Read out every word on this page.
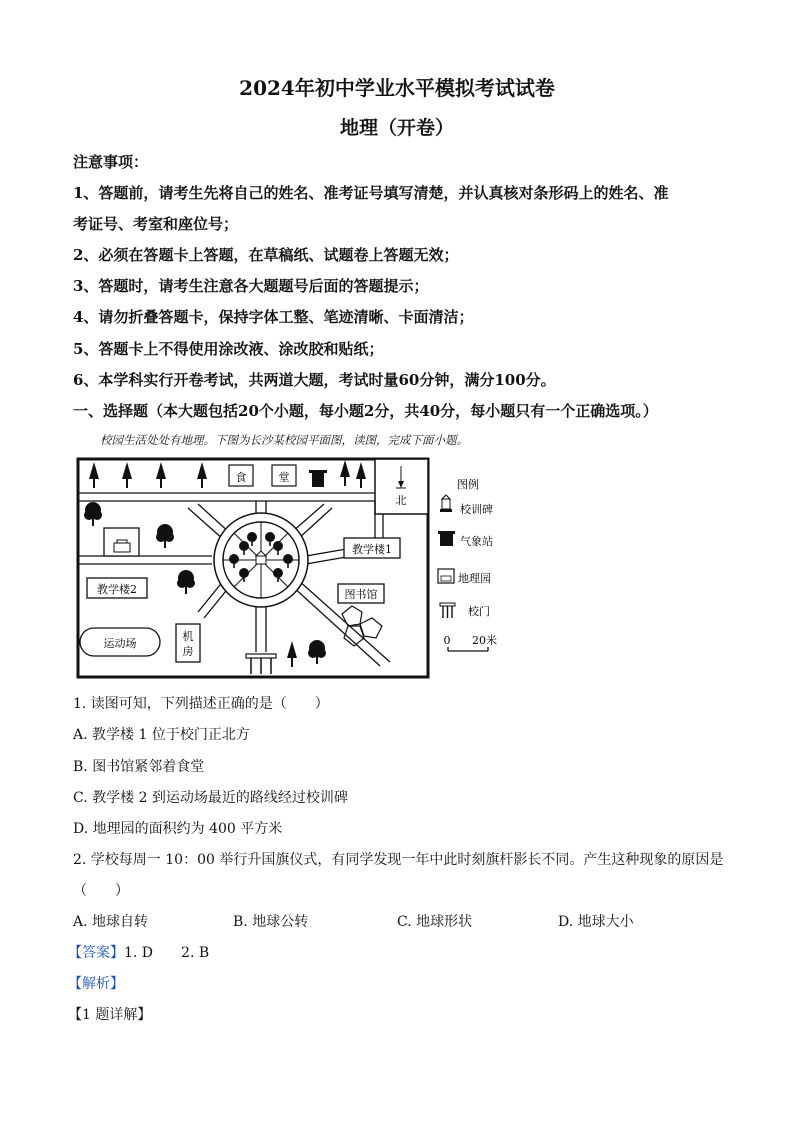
2024年初中学业水平模拟考试试卷
地理（开卷）
注意事项：
1、答题前，请考生先将自己的姓名、准考证号填写清楚，并认真核对条形码上的姓名、准
考证号、考室和座位号；
2、必须在答题卡上答题，在草稿纸、试题卷上答题无效；
3、答题时，请考生注意各大题题号后面的答题提示；
4、请勿折叠答题卡，保持字体工整、笔迹清晰、卡面清洁；
5、答题卡上不得使用涂改液、涂改胶和贴纸；
6、本学科实行开卷考试，共两道大题，考试时量60分钟，满分100分。
一、选择题（本大题包括20个小题，每小题2分，共40分，每小题只有一个正确选项。）
校园生活处处有地理。下图为长沙某校园平面图，读图，完成下面小题。
北
食	堂
教学楼1
教学楼2	图书馆
运动场
机
房
图例
校训碑
气象站
地理园
校门
0 20米
1. 读图可知，下列描述正确的是（　　）
A. 教学楼 1 位于校门正北方
B. 图书馆紧邻着食堂
C. 教学楼 2 到运动场最近的路线经过校训碑
D. 地理园的面积约为 400 平方米
2. 学校每周一 10：00 举行升国旗仪式，有同学发现一年中此时刻旗杆影长不同。产生这种现象的原因是
（　　）
A. 地球自转	B. 地球公转	C. 地球形状	D. 地球大小
【答案】1. D　　2. B
【解析】
【1 题详解】
